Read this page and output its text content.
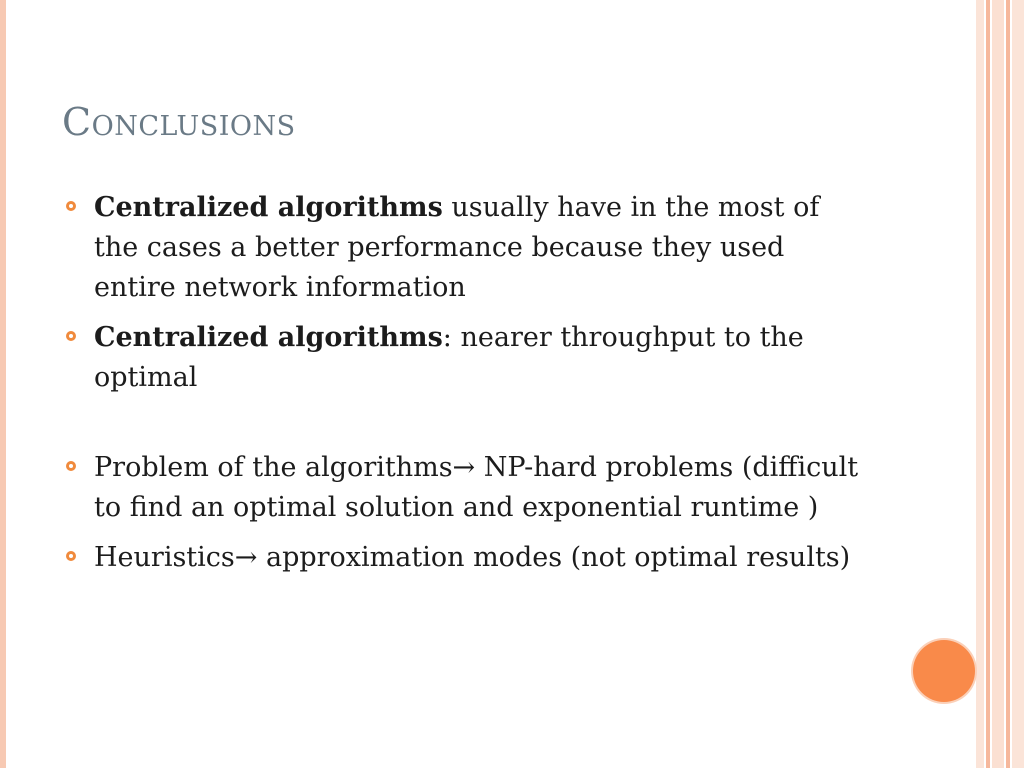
Conclusions
Centralized algorithms usually have in the most of the cases a better performance because they used entire network information
Centralized algorithms: nearer throughput to the optimal
Problem of the algorithms→ NP-hard problems (difficult to find an optimal solution and exponential runtime )
Heuristics→ approximation modes (not optimal results)
